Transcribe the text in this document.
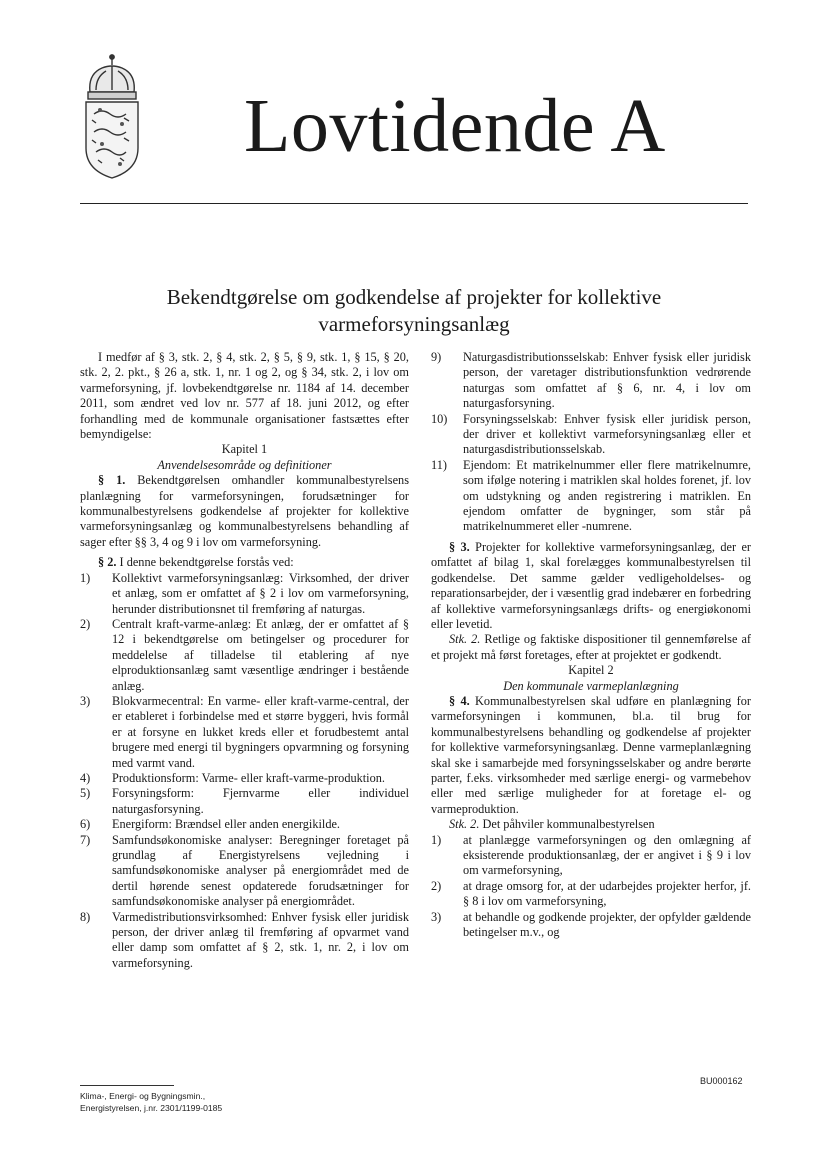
Lovtidende A
Bekendtgørelse om godkendelse af projekter for kollektive
varmeforsyningsanlæg

I medfør af § 3, stk. 2, § 4, stk. 2, § 5, § 9, stk. 1, § 15, § 20, stk. 2, 2. pkt., § 26 a, stk. 1, nr. 1 og 2, og § 34, stk. 2, i lov om varmeforsyning, jf. lovbekendtgørelse nr. 1184 af 14. december 2011, som ændret ved lov nr. 577 af 18. juni 2012, og efter forhandling med de kommunale organisationer fastsættes efter bemyndigelse:

Kapitel 1

Anvendelsesområde og definitioner

§ 1. Bekendtgørelsen omhandler kommunalbestyrelsens planlægning for varmeforsyningen, forudsætninger for kommunalbestyrelsens godkendelse af projekter for kollektive varmeforsyningsanlæg og kommunalbestyrelsens behandling af sager efter §§ 3, 4 og 9 i lov om varmeforsyning.

§ 2. I denne bekendtgørelse forstås ved:

1)	Kollektivt varmeforsyningsanlæg: Virksomhed, der driver et anlæg, som er omfattet af § 2 i lov om varmeforsyning, herunder distributionsnet til fremføring af naturgas.
2)	Centralt kraft-varme-anlæg: Et anlæg, der er omfattet af § 12 i bekendtgørelse om betingelser og procedurer for meddelelse af tilladelse til etablering af nye elproduktionsanlæg samt væsentlige ændringer i bestående anlæg.
3)	Blokvarmecentral: En varme- eller kraft-varme-central, der er etableret i forbindelse med et større byggeri, hvis formål er at forsyne en lukket kreds eller et forudbestemt antal brugere med energi til bygningers opvarmning og forsyning med varmt vand.
4)	Produktionsform: Varme- eller kraft-varme-produktion.
5)	Forsyningsform: Fjernvarme eller individuel naturgasforsyning.
6)	Energiform: Brændsel eller anden energikilde.
7)	Samfundsøkonomiske analyser: Beregninger foretaget på grundlag af Energistyrelsens vejledning i samfundsøkonomiske analyser på energiområdet med de dertil hørende senest opdaterede forudsætninger for samfundsøkonomiske analyser på energiområdet.
8)	Varmedistributionsvirksomhed: Enhver fysisk eller juridisk person, der driver anlæg til fremføring af opvarmet vand eller damp som omfattet af § 2, stk. 1, nr. 2, i lov om varmeforsyning.
9)	Naturgasdistributionsselskab: Enhver fysisk eller juridisk person, der varetager distributionsfunktion vedrørende naturgas som omfattet af § 6, nr. 4, i lov om naturgasforsyning.
10)	Forsyningsselskab: Enhver fysisk eller juridisk person, der driver et kollektivt varmeforsyningsanlæg eller et naturgasdistributionsselskab.
11)	Ejendom: Et matrikelnummer eller flere matrikelnumre, som ifølge notering i matriklen skal holdes forenet, jf. lov om udstykning og anden registrering i matriklen. En ejendom omfatter de bygninger, som står på matrikelnummeret eller -numrene.

§ 3. Projekter for kollektive varmeforsyningsanlæg, der er omfattet af bilag 1, skal forelægges kommunalbestyrelsen til godkendelse. Det samme gælder vedligeholdelses- og reparationsarbejder, der i væsentlig grad indebærer en forbedring af kollektive varmeforsyningsanlægs drifts- og energiøkonomi eller levetid.

Stk. 2. Retlige og faktiske dispositioner til gennemførelse af et projekt må først foretages, efter at projektet er godkendt.

Kapitel 2

Den kommunale varmeplanlægning

§ 4. Kommunalbestyrelsen skal udføre en planlægning for varmeforsyningen i kommunen, bl.a. til brug for kommunalbestyrelsens behandling og godkendelse af projekter for kollektive varmeforsyningsanlæg. Denne varmeplanlægning skal ske i samarbejde med forsyningsselskaber og andre berørte parter, f.eks. virksomheder med særlige energi- og varmebehov eller med særlige muligheder for at foretage el- og varmeproduktion.

Stk. 2. Det påhviler kommunalbestyrelsen

1)	at planlægge varmeforsyningen og den omlægning af eksisterende produktionsanlæg, der er angivet i § 9 i lov om varmeforsyning,
2)	at drage omsorg for, at der udarbejdes projekter herfor, jf. § 8 i lov om varmeforsyning,
3)	at behandle og godkende projekter, der opfylder gældende betingelser m.v., og
BU000162
Klima-, Energi- og Bygningsmin.,
Energistyrelsen, j.nr. 2301/1199-0185
